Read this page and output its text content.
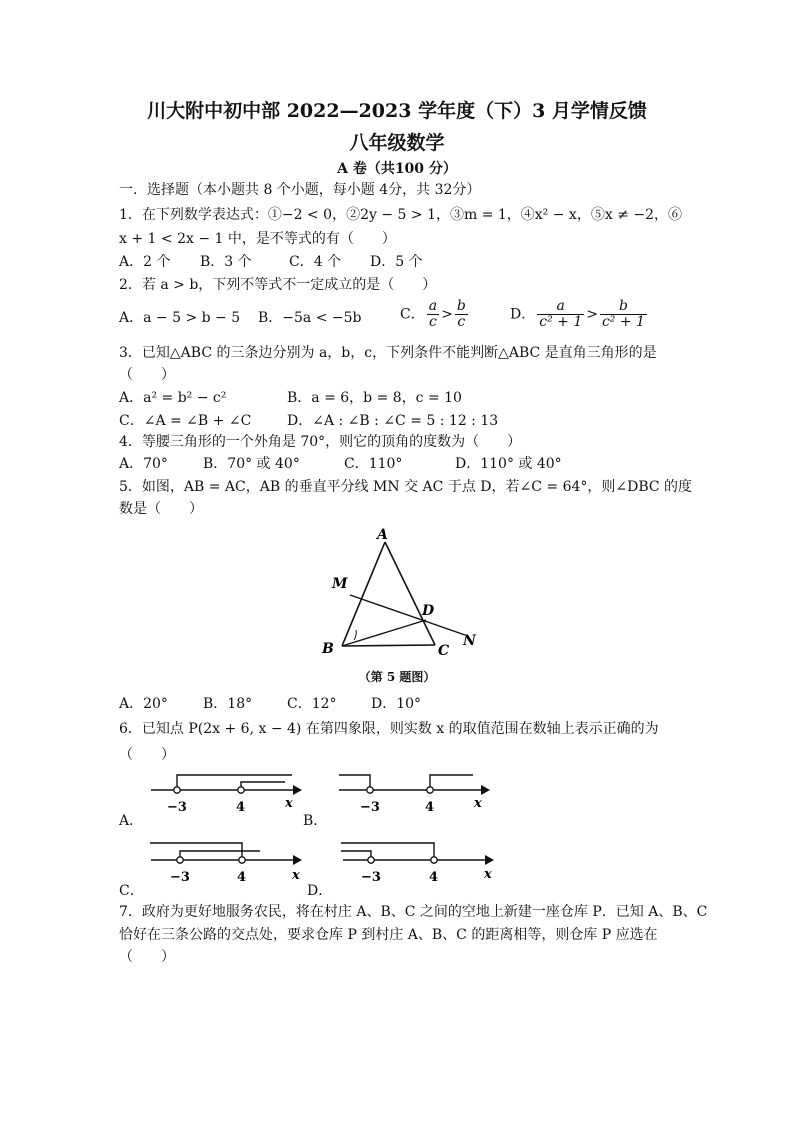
川大附中初中部 2022—2023 学年度（下）3 月学情反馈
八年级数学
A 卷（共100 分）
一．选择题（本小题共 8 个小题，每小题 4分，共 32分）
1．在下列数学表达式：①−2 < 0，②2y − 5 > 1，③m = 1，④x² − x，⑤x ≠ −2，⑥
x + 1 < 2x − 1 中，是不等式的有（　　）
A．2 个 B．3 个	C．4 个 D．5 个
2．若 a > b，下列不等式不一定成立的是（　　）
A．a − 5 > b − 5 B．−5a < −5b	C． $\frac{a}{c} > \frac{b}{c}$	D． $\frac{a}{\text{c² + 1}} > \frac{b}{\text{c² + 1}}$
3．已知△ABC 的三条边分别为 a，b，c，下列条件不能判断△ABC 是直角三角形的是
（　　）
A．a² = b² − c²	B．a = 6，b = 8，c = 10
C．∠A = ∠B + ∠C	D．∠A : ∠B : ∠C = 5 : 12 : 13
4．等腰三角形的一个外角是 70°，则它的顶角的度数为（　　）
A．70°	B．70° 或 40°	C．110°	D．110° 或 40°
5．如图，AB = AC，AB 的垂直平分线 MN 交 AC 于点 D，若∠C = 64°，则∠DBC 的度
数是（　　）
A
M
D
N
B	C
（第 5 题图）
A．20°	B．18° C．12° D．10°
6．已知点 P(2x + 6, x − 4) 在第四象限，则实数 x 的取值范围在数轴上表示正确的为
（　　）
−3	4	x
A．
−3	4	x
B．
−3	4	x
C．
−3	4	x
D．
7．政府为更好地服务农民，将在村庄 A、B、C 之间的空地上新建一座仓库 P．已知 A、B、C
恰好在三条公路的交点处，要求仓库 P 到村庄 A、B、C 的距离相等，则仓库 P 应选在
（　　）
